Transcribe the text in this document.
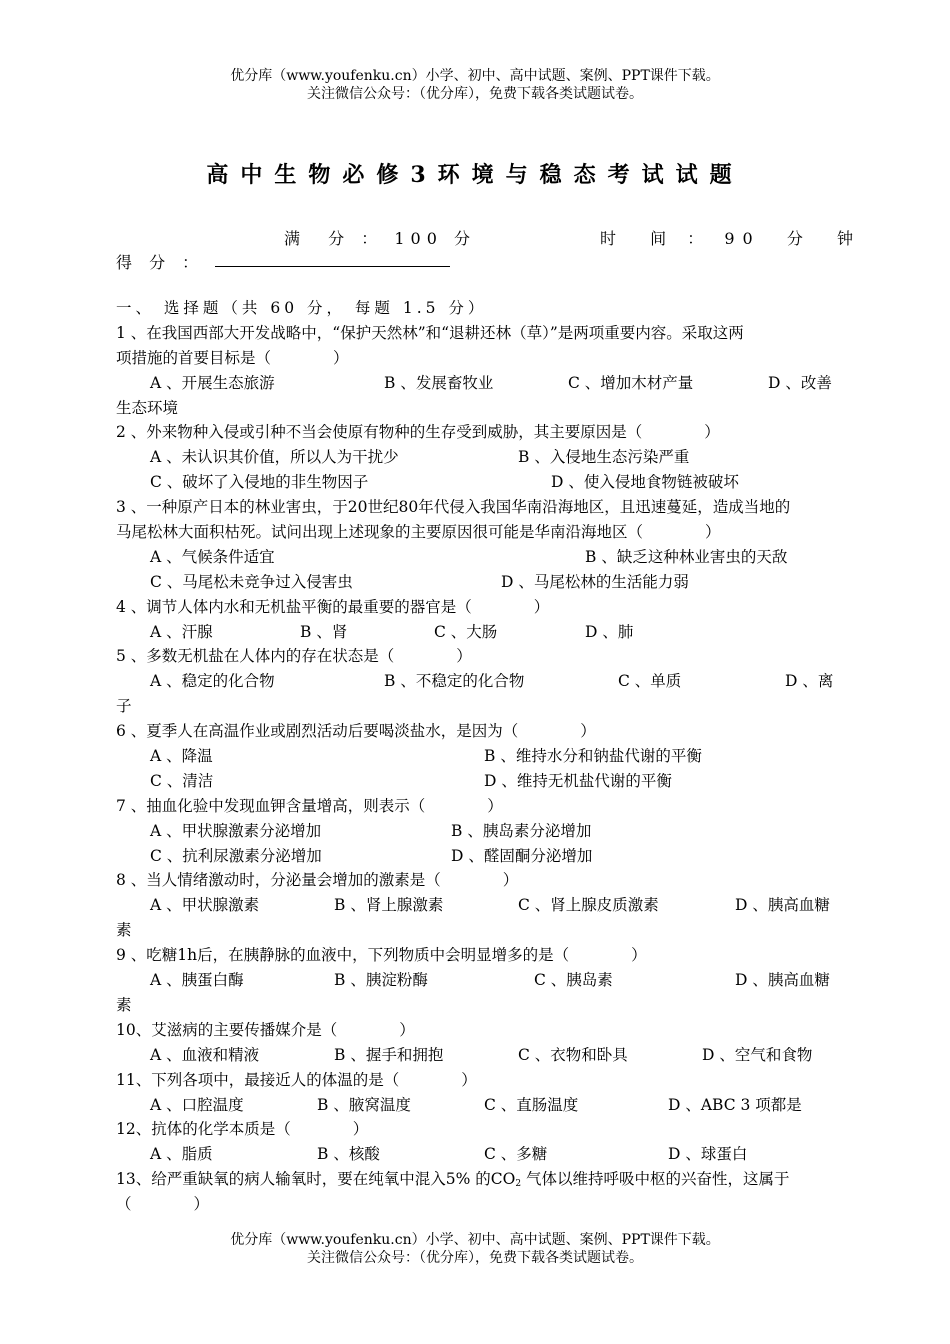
优分库（www.youfenku.cn）小学、初中、高中试题、案例、PPT课件下载。
关注微信公众号：（优分库），免费下载各类试题试卷。
高中生物必修3环境与稳态考试试题
满  分 ： 100 分	时  间 ： 90  分  钟
得 分 ：
一、 选择题（共 60 分， 每题 1.5 分）
1 、在我国西部大开发战略中，“保护天然林”和“退耕还林（草）”是两项重要内容。采取这两
项措施的首要目标是（　　　　）
A 、开展生态旅游	B 、发展畜牧业	C 、增加木材产量	D 、改善
生态环境
2 、外来物种入侵或引种不当会使原有物种的生存受到威胁，其主要原因是（　　　　）
A 、未认识其价值，所以人为干扰少	B 、入侵地生态污染严重
C 、破坏了入侵地的非生物因子	D 、使入侵地食物链被破坏
3 、一种原产日本的林业害虫，于20世纪80年代侵入我国华南沿海地区，且迅速蔓延，造成当地的
马尾松林大面积枯死。试问出现上述现象的主要原因很可能是华南沿海地区（　　　　）
A 、气候条件适宜	B 、缺乏这种林业害虫的天敌
C 、马尾松未竞争过入侵害虫	D 、马尾松林的生活能力弱
4 、调节人体内水和无机盐平衡的最重要的器官是（　　　　）
A 、汗腺	B 、肾	C 、大肠	D 、肺
5 、多数无机盐在人体内的存在状态是（　　　　）
A 、稳定的化合物	B 、不稳定的化合物	C 、单质	D 、离
子
6 、夏季人在高温作业或剧烈活动后要喝淡盐水，是因为（　　　　）
A 、降温	B 、维持水分和钠盐代谢的平衡
C 、清洁	D 、维持无机盐代谢的平衡
7 、抽血化验中发现血钾含量增高，则表示（　　　　）
A 、甲状腺激素分泌增加	B 、胰岛素分泌增加
C 、抗利尿激素分泌增加	D 、醛固酮分泌增加
8 、当人情绪激动时，分泌量会增加的激素是（　　　　）
A 、甲状腺激素	B 、肾上腺激素	C 、肾上腺皮质激素	D 、胰高血糖
素
9 、吃糖1h后，在胰静脉的血液中，下列物质中会明显增多的是（　　　　）
A 、胰蛋白酶	B 、胰淀粉酶	C 、胰岛素	D 、胰高血糖
素
10、艾滋病的主要传播媒介是（　　　　）
A 、血液和精液	B 、握手和拥抱	C 、衣物和卧具	D 、空气和食物
11、下列各项中，最接近人的体温的是（　　　　）
A 、口腔温度	B 、腋窝温度	C 、直肠温度	D 、ABC 3 项都是
12、抗体的化学本质是（　　　　）
A 、脂质	B 、核酸	C 、多糖	D 、球蛋白
13、给严重缺氧的病人输氧时，要在纯氧中混入5% 的$CO_2$ 气体以维持呼吸中枢的兴奋性，这属于
（　　　　）
优分库（www.youfenku.cn）小学、初中、高中试题、案例、PPT课件下载。
关注微信公众号：（优分库），免费下载各类试题试卷。
